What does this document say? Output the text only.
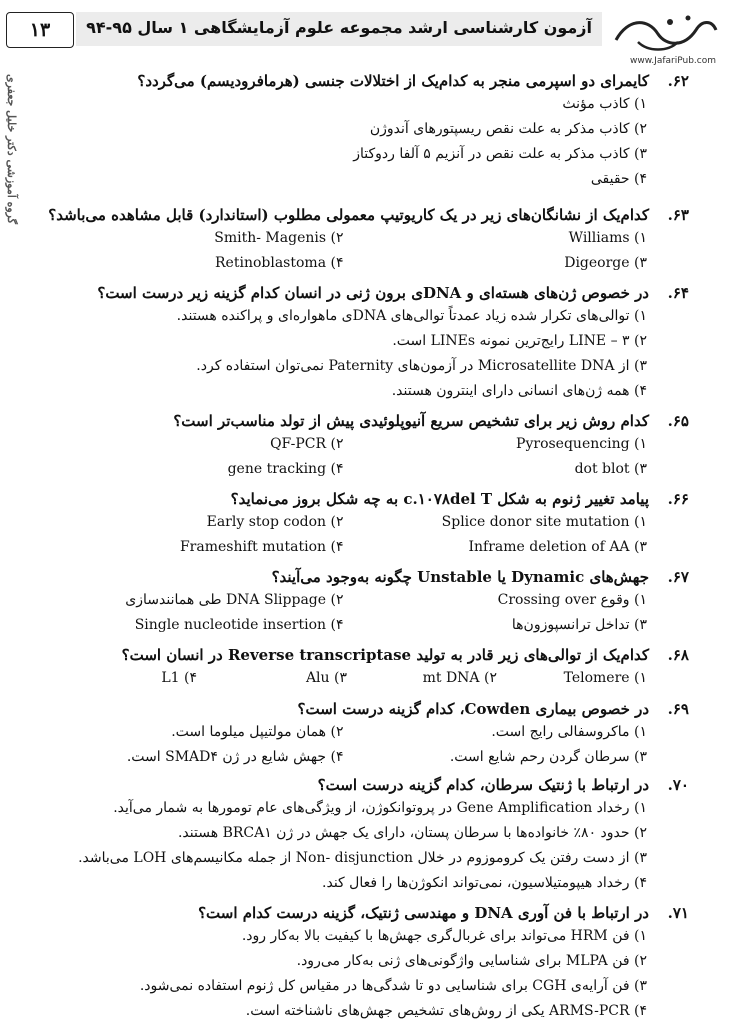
۱۳	آزمون کارشناسی ارشد مجموعه علوم آزمایشگاهی ۱ سال ۹۵-۹۴
www.JafariPub.com
گروه آموزشی دکتر خلیل جعفری	۶۲.کایمرای دو اسپرمی منجر به کدام‌یک از اختلالات جنسی (هرمافرودیسم) می‌گردد؟
۱) کاذب مؤنث
۲) کاذب مذکر به علت نقص ریسپتورهای آندوژن
۳) کاذب مذکر به علت نقص در آنزیم ۵ آلفا ردوکتاز
۴) حقیقی
۶۳.کدام‌یک از نشانگان‌های زیر در یک کاریوتیپ معمولی مطلوب (استاندارد) قابل مشاهده می‌باشد؟
۱) Williams
۲) Smith- Magenis
۳) Digeorge
۴) Retinoblastoma
۶۴.در خصوص ژن‌های هسته‌ای و DNAی برون ژنی در انسان کدام گزینه زیر درست است؟
۱) توالی‌های تکرار شده زیاد عمدتاً توالی‌های DNAی ماهواره‌ای و پراکنده هستند.
۲) LINE – ۳ رایج‌ترین نمونه LINEs است.
۳) از Microsatellite DNA در آزمون‌های Paternity نمی‌توان استفاده کرد.
۴) همه ژن‌های انسانی دارای اینترون هستند.
۶۵.کدام روش زیر برای تشخیص سریع آنیوپلوئیدی پیش از تولد مناسب‌تر است؟
۱) Pyrosequencing
۲) QF-PCR
۳) dot blot
۴) gene tracking
۶۶.پیامد تغییر ژنوم به شکل c.۱۰۷۸del T به چه شکل بروز می‌نماید؟
۱) Splice donor site mutation
۲) Early stop codon
۳) Inframe deletion of AA
۴) Frameshift mutation
۶۷.جهش‌های Dynamic یا Unstable چگونه به‌وجود می‌آیند؟
۱) وقوع Crossing over
۲) DNA Slippage طی همانندسازی
۳) تداخل ترانسپوزون‌ها
۴) Single nucleotide insertion
۶۸.کدام‌یک از توالی‌های زیر قادر به تولید Reverse transcriptase در انسان است؟
۱) Telomere
۲) mt DNA
۳) Alu
۴) L1
۶۹.در خصوص بیماری Cowden، کدام گزینه درست است؟
۱) ماکروسفالی رایج است.
۲) همان مولتیپل میلوما است.
۳) سرطان گردن رحم شایع است.
۴) جهش شایع در ژن SMAD۴ است.
۷۰.در ارتباط با ژنتیک سرطان، کدام گزینه درست است؟
۱) رخداد Gene Amplification در پروتوانکوژن، از ویژگی‌های عام تومورها به شمار می‌آید.
۲) حدود ۸۰٪ خانواده‌ها با سرطان پستان، دارای یک جهش در ژن BRCA۱ هستند.
۳) از دست رفتن یک کروموزوم در خلال Non- disjunction از جمله مکانیسم‌های LOH می‌باشد.
۴) رخداد هیپومتیلاسیون، نمی‌تواند انکوژن‌ها را فعال کند.
۷۱.در ارتباط با فن آوری DNA و مهندسی ژنتیک، گزینه درست کدام است؟
۱) فن HRM می‌تواند برای غربال‌گری جهش‌ها با کیفیت بالا به‌کار رود.
۲) فن MLPA برای شناسایی واژگونی‌های ژنی به‌کار می‌رود.
۳) فن آرایه‌ی CGH برای شناسایی دو تا شدگی‌ها در مقیاس کل ژنوم استفاده نمی‌شود.
۴) ARMS-PCR یکی از روش‌های تشخیص جهش‌های ناشناخته است.
